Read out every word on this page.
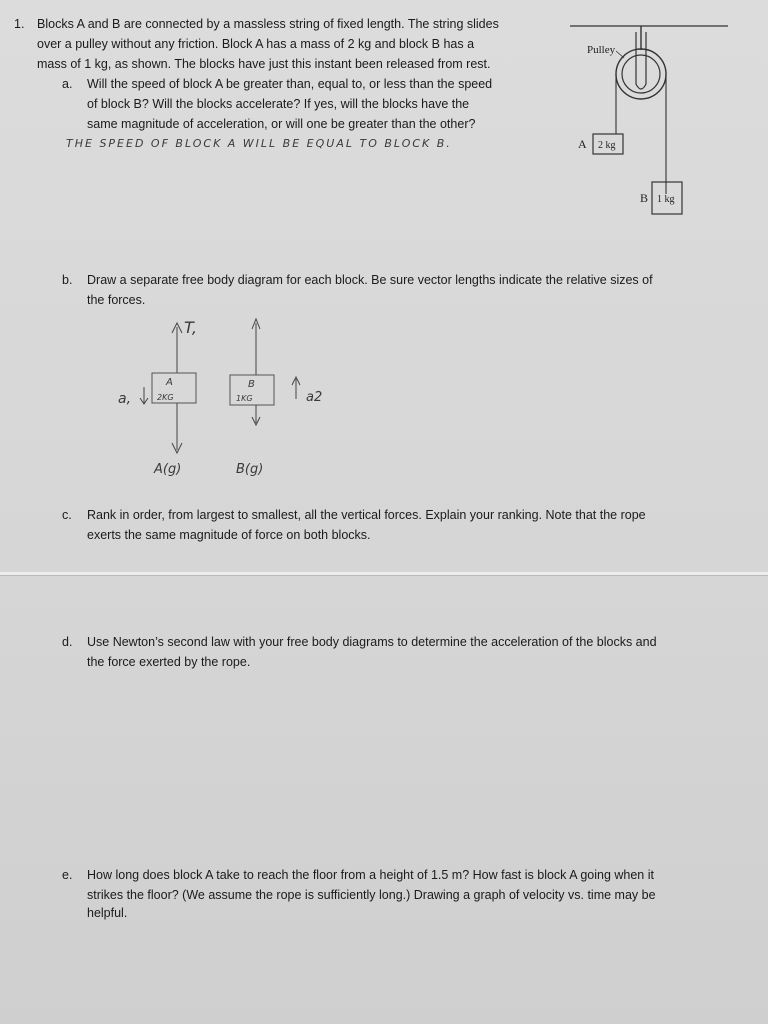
1. Blocks A and B are connected by a massless string of fixed length. The string slides
over a pulley without any friction. Block A has a mass of 2 kg and block B has a
mass of 1 kg, as shown. The blocks have just this instant been released from rest.
a. Will the speed of block A be greater than, equal to, or less than the speed
of block B? Will the blocks accelerate? If yes, will the blocks have the
same magnitude of acceleration, or will one be greater than the other?
THE SPEED OF BLOCK A WILL BE EQUAL TO BLOCK B.
Pulley
A 2 kg
B 1 kg
b. Draw a separate free body diagram for each block. Be sure vector lengths indicate the relative sizes of
the forces.
T,
A
2KG
A(g)
a,
B
1KG
B(g)
a2
c. Rank in order, from largest to smallest, all the vertical forces. Explain your ranking. Note that the rope
exerts the same magnitude of force on both blocks.
d. Use Newton’s second law with your free body diagrams to determine the acceleration of the blocks and
the force exerted by the rope.
e. How long does block A take to reach the floor from a height of 1.5 m? How fast is block A going when it
strikes the floor? (We assume the rope is sufficiently long.) Drawing a graph of velocity vs. time may be
helpful.
